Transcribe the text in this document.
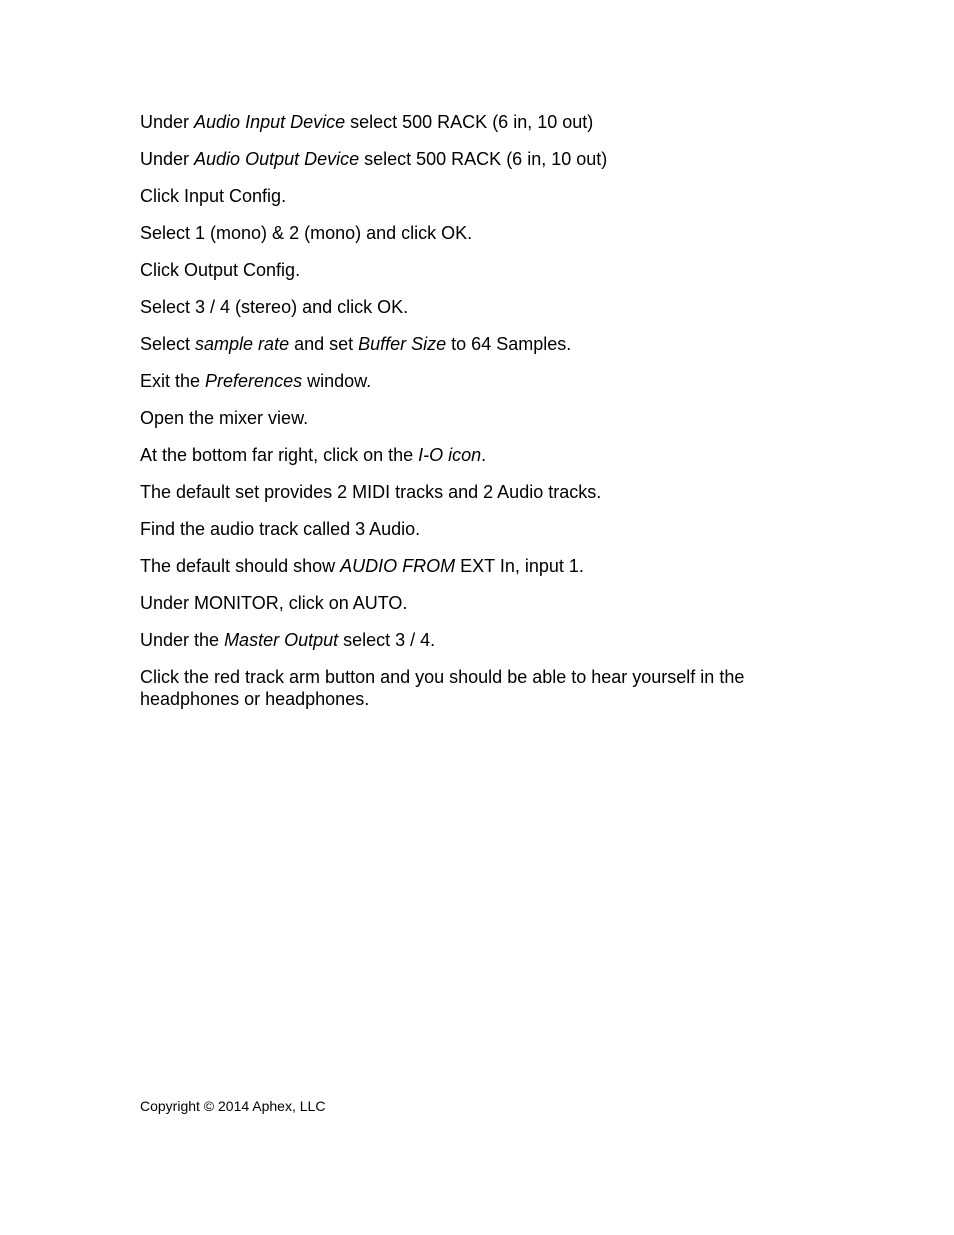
Under Audio Input Device select 500 RACK (6 in, 10 out)

Under Audio Output Device select 500 RACK (6 in, 10 out)

Click Input Config.

Select 1 (mono) & 2 (mono) and click OK.

Click Output Config.

Select 3 / 4 (stereo) and click OK.

Select sample rate and set Buffer Size to 64 Samples.

Exit the Preferences window.

Open the mixer view.

At the bottom far right, click on the I-O icon.

The default set provides 2 MIDI tracks and 2 Audio tracks.

Find the audio track called 3 Audio.

The default should show AUDIO FROM EXT In, input 1.

Under MONITOR, click on AUTO.

Under the Master Output select 3 / 4.

Click the red track arm button and you should be able to hear yourself in the headphones or headphones.

Copyright © 2014 Aphex, LLC
